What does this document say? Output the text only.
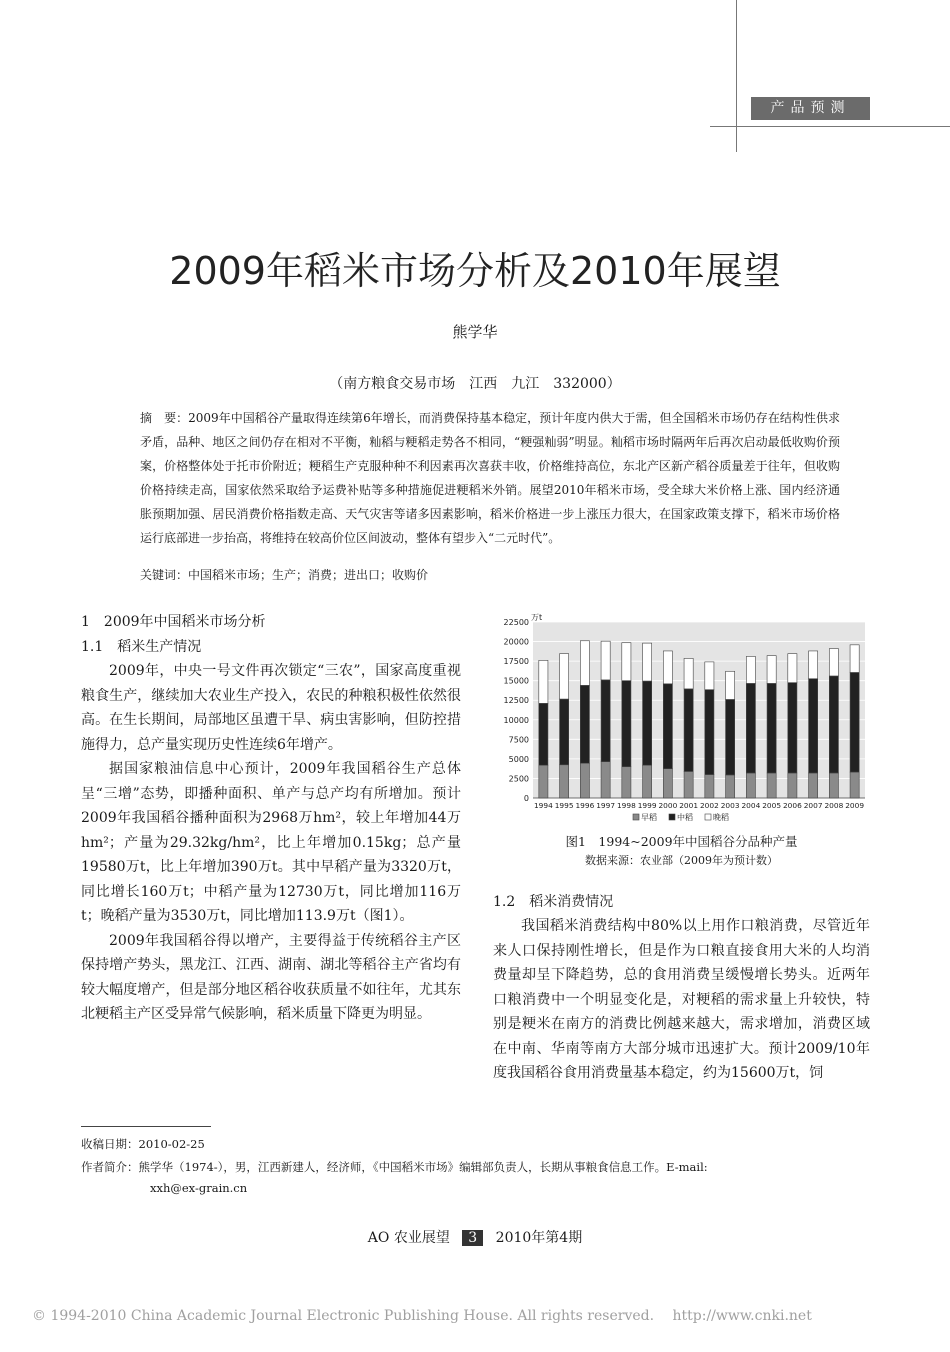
产品预测
2009年稻米市场分析及2010年展望
熊学华
（南方粮食交易市场　江西　九江　332000）
摘　要：2009年中国稻谷产量取得连续第6年增长，而消费保持基本稳定，预计年度内供大于需，但全国稻米市场仍存在结构性供求矛盾，品种、地区之间仍存在相对不平衡，籼稻与粳稻走势各不相同，“粳强籼弱”明显。籼稻市场时隔两年后再次启动最低收购价预案，价格整体处于托市价附近；粳稻生产克服种种不利因素再次喜获丰收，价格维持高位，东北产区新产稻谷质量差于往年，但收购价格持续走高，国家依然采取给予运费补贴等多种措施促进粳稻米外销。展望2010年稻米市场，受全球大米价格上涨、国内经济通胀预期加强、居民消费价格指数走高、天气灾害等诸多因素影响，稻米价格进一步上涨压力很大，在国家政策支撑下，稻米市场价格运行底部进一步抬高，将维持在较高价位区间波动，整体有望步入“二元时代”。
关键词：中国稻米市场；生产；消费；进出口；收购价
1　2009年中国稻米市场分析
1.1　稻米生产情况

2009年，中央一号文件再次锁定“三农”，国家高度重视粮食生产，继续加大农业生产投入，农民的种粮积极性依然很高。在生长期间，局部地区虽遭干旱、病虫害影响，但防控措施得力，总产量实现历史性连续6年增产。

据国家粮油信息中心预计，2009年我国稻谷生产总体呈“三增”态势，即播种面积、单产与总产均有所增加。预计2009年我国稻谷播种面积为2968万hm²，较上年增加44万hm²；产量为29.32kg/hm²，比上年增加0.15kg；总产量19580万t，比上年增加390万t。其中早稻产量为3320万t，同比增长160万t；中稻产量为12730万t，同比增加116万t；晚稻产量为3530万t，同比增加113.9万t（图1）。

2009年我国稻谷得以增产，主要得益于传统稻谷主产区保持增产势头，黑龙江、江西、湖南、湖北等稻谷主产省均有较大幅度增产，但是部分地区稻谷收获质量不如往年，尤其东北粳稻主产区受异常气候影响，稻米质量下降更为明显。

0
2500
5000
7500
10000
12500
15000
17500
20000
22500
万t
1994 1995 1996 1997 1998 1999 2000 2001 2002 2003 2004 2005 2006 2007 2008 2009
早稻	中稻	晚稻
图1　1994~2009年中国稻谷分品种产量
数据来源：农业部（2009年为预计数）
1.2　稻米消费情况

我国稻米消费结构中80%以上用作口粮消费，尽管近年来人口保持刚性增长，但是作为口粮直接食用大米的人均消费量却呈下降趋势，总的食用消费呈缓慢增长势头。近两年口粮消费中一个明显变化是，对粳稻的需求量上升较快，特别是粳米在南方的消费比例越来越大，需求增加，消费区域在中南、华南等南方大部分城市迅速扩大。预计2009/10年度我国稻谷食用消费量基本稳定，约为15600万t，饲

收稿日期：2010-02-25
作者简介：熊学华（1974-），男，江西新建人，经济师，《中国稻米市场》编辑部负责人，长期从事粮食信息工作。E-mail:
xxh@ex-grain.cn
AO 农业展望 3 2010年第4期
© 1994-2010 China Academic Journal Electronic Publishing House. All rights reserved.　 http://www.cnki.net
